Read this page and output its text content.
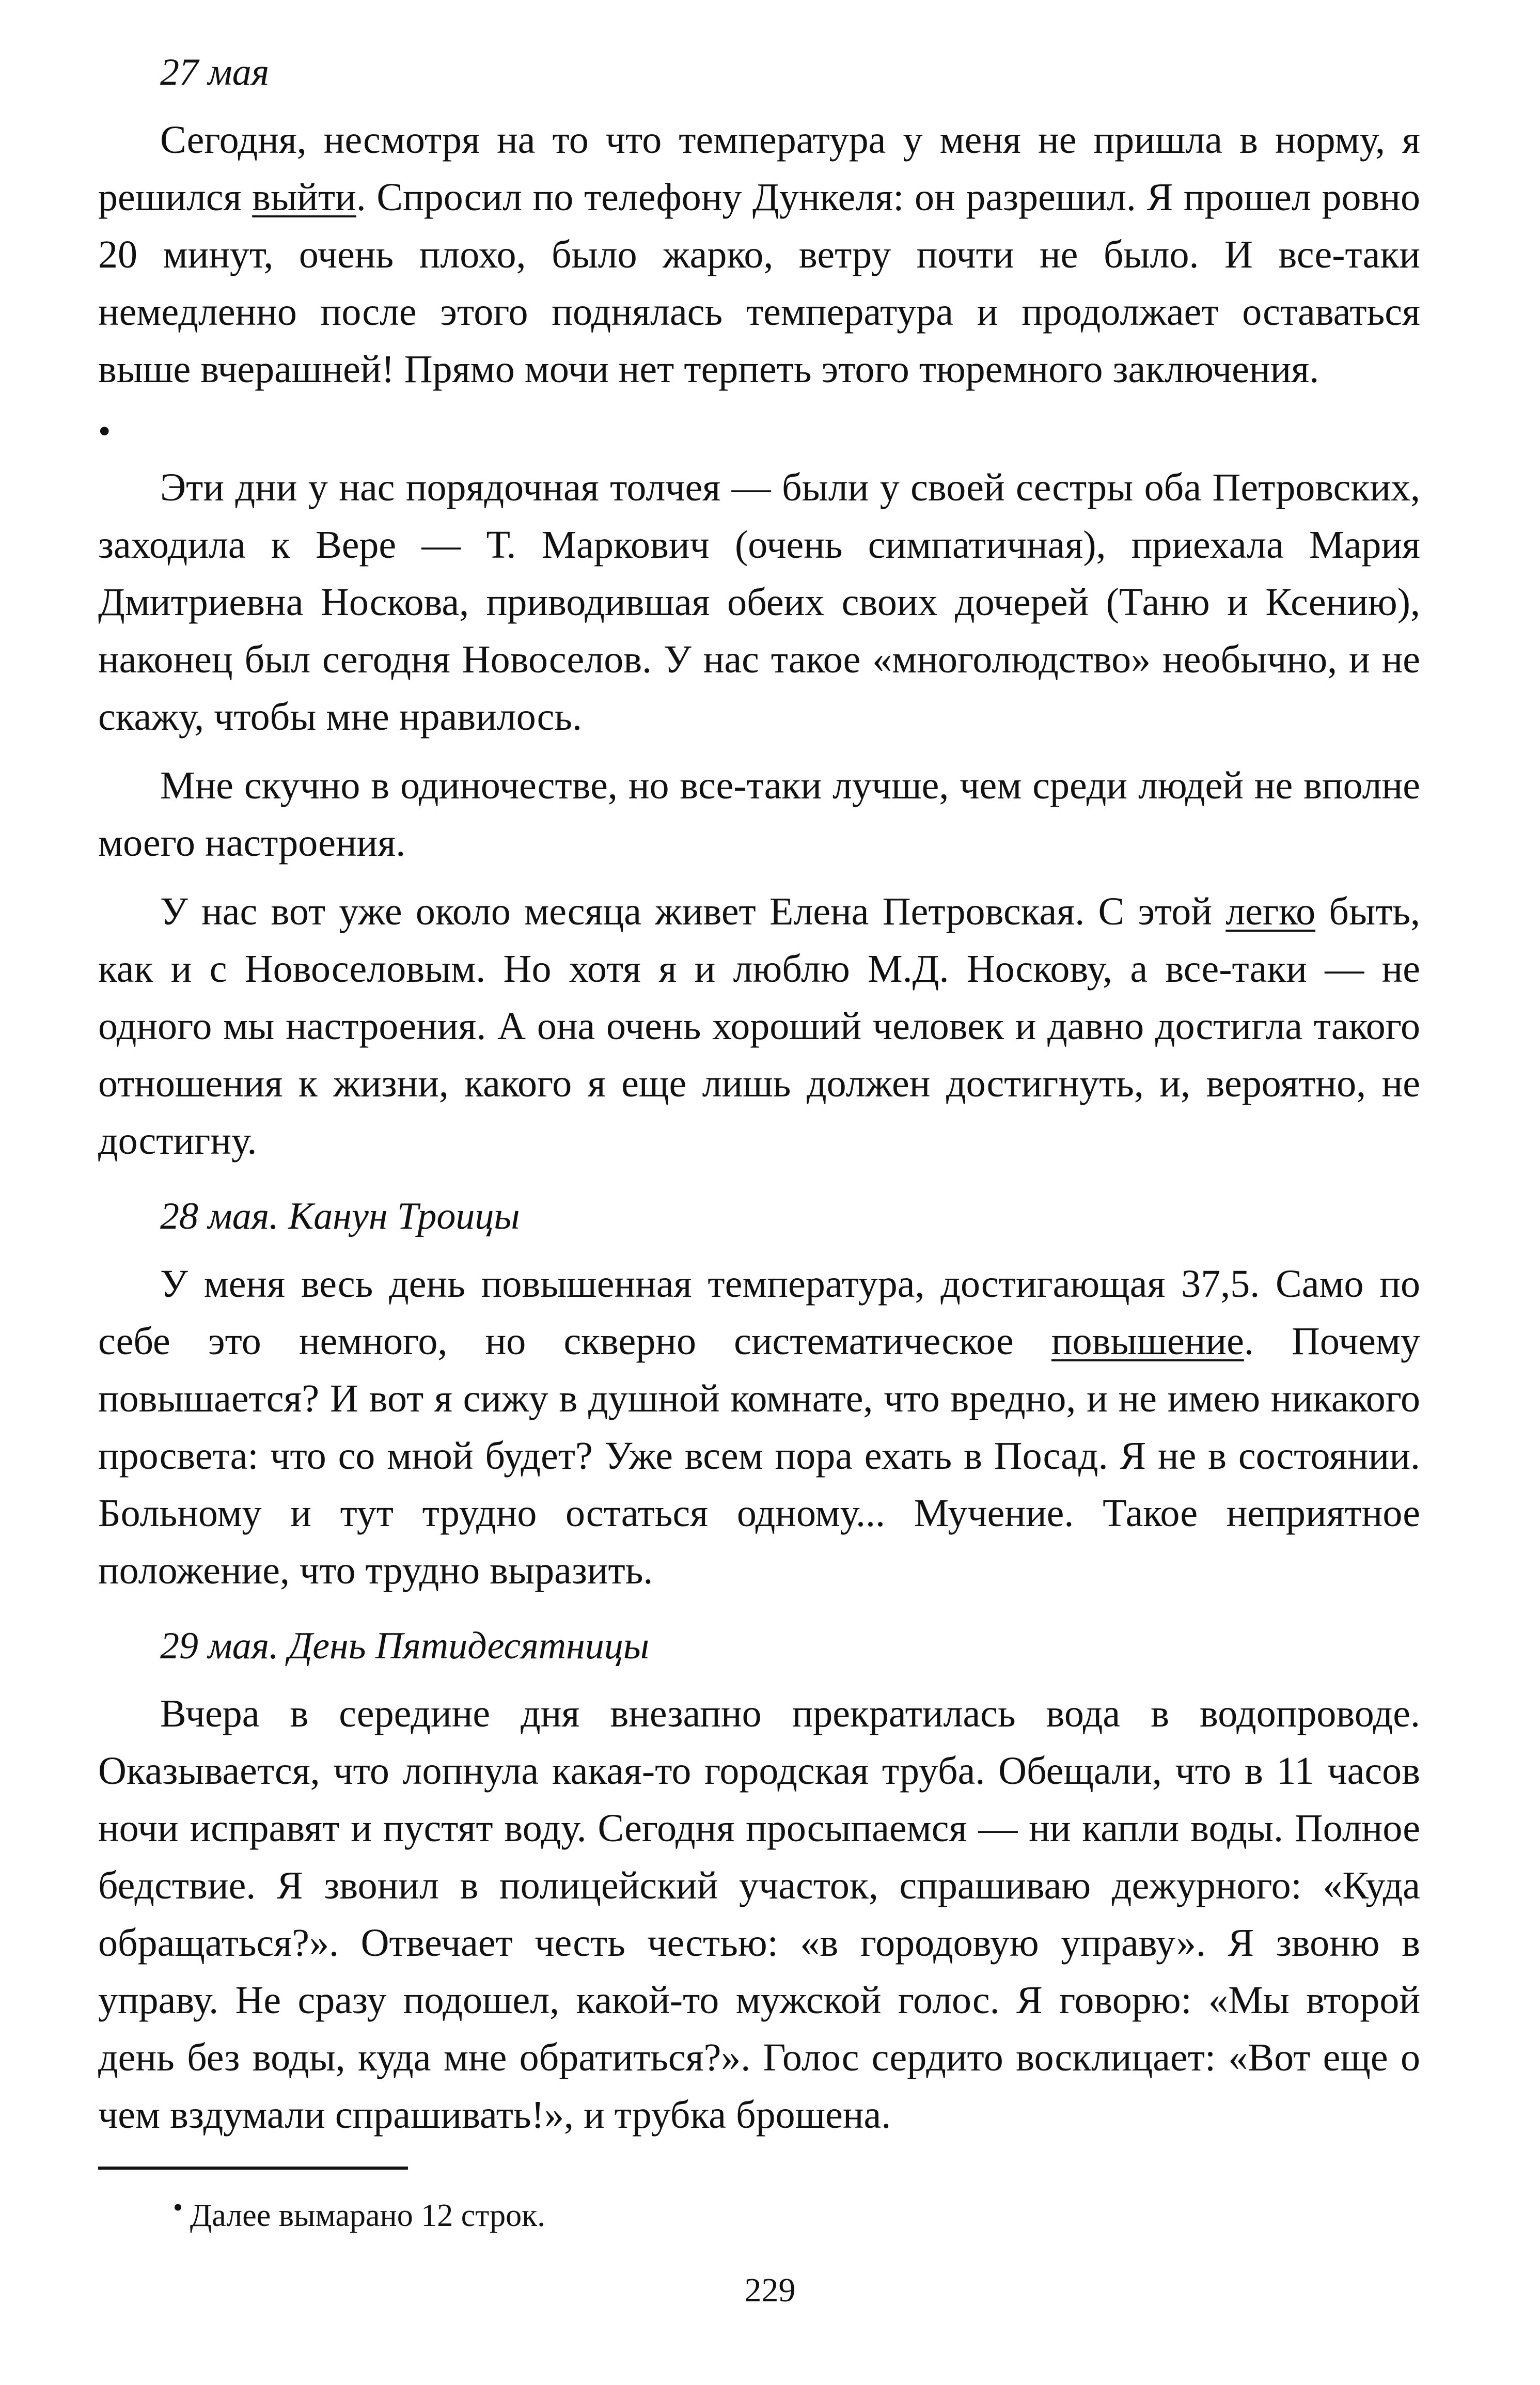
27 мая

Сегодня, несмотря на то что температура у меня не пришла в норму, я решился выйти. Спросил по телефону Дункеля: он разрешил. Я прошел ровно 20 минут, очень плохо, было жарко, ветру почти не было. И все-таки немедленно после этого поднялась температура и продолжает оставаться выше вчерашней! Прямо мочи нет терпеть этого тюремного заключения.

•

Эти дни у нас порядочная толчея — были у своей сестры оба Петровских, заходила к Вере — Т. Маркович (очень симпатичная), приехала Мария Дмитриевна Носкова, приводившая обеих своих дочерей (Таню и Ксению), наконец был сегодня Новоселов. У нас такое «многолюдство» необычно, и не скажу, чтобы мне нравилось.

Мне скучно в одиночестве, но все-таки лучше, чем среди людей не вполне моего настроения.

У нас вот уже около месяца живет Елена Петровская. С этой легко быть, как и с Новоселовым. Но хотя я и люблю М.Д. Носкову, а все-таки — не одного мы настроения. А она очень хороший человек и давно достигла такого отношения к жизни, какого я еще лишь должен достигнуть, и, вероятно, не достигну.

28 мая. Канун Троицы

У меня весь день повышенная температура, достигающая 37,5. Само по себе это немного, но скверно систематическое повышение. Почему повышается? И вот я сижу в душной комнате, что вредно, и не имею никакого просвета: что со мной будет? Уже всем пора ехать в Посад. Я не в состоянии. Больному и тут трудно остаться одному... Мучение. Такое неприятное положение, что трудно выразить.

29 мая. День Пятидесятницы

Вчера в середине дня внезапно прекратилась вода в водопроводе. Оказывается, что лопнула какая-то городская труба. Обещали, что в 11 часов ночи исправят и пустят воду. Сегодня просыпаемся — ни капли воды. Полное бедствие. Я звонил в полицейский участок, спрашиваю дежурного: «Куда обращаться?». Отвечает честь честью: «в городовую управу». Я звоню в управу. Не сразу подошел, какой-то мужской голос. Я говорю: «Мы второй день без воды, куда мне обратиться?». Голос сердито восклицает: «Вот еще о чем вздумали спрашивать!», и трубка брошена.

• Далее вымарано 12 строк.
229
